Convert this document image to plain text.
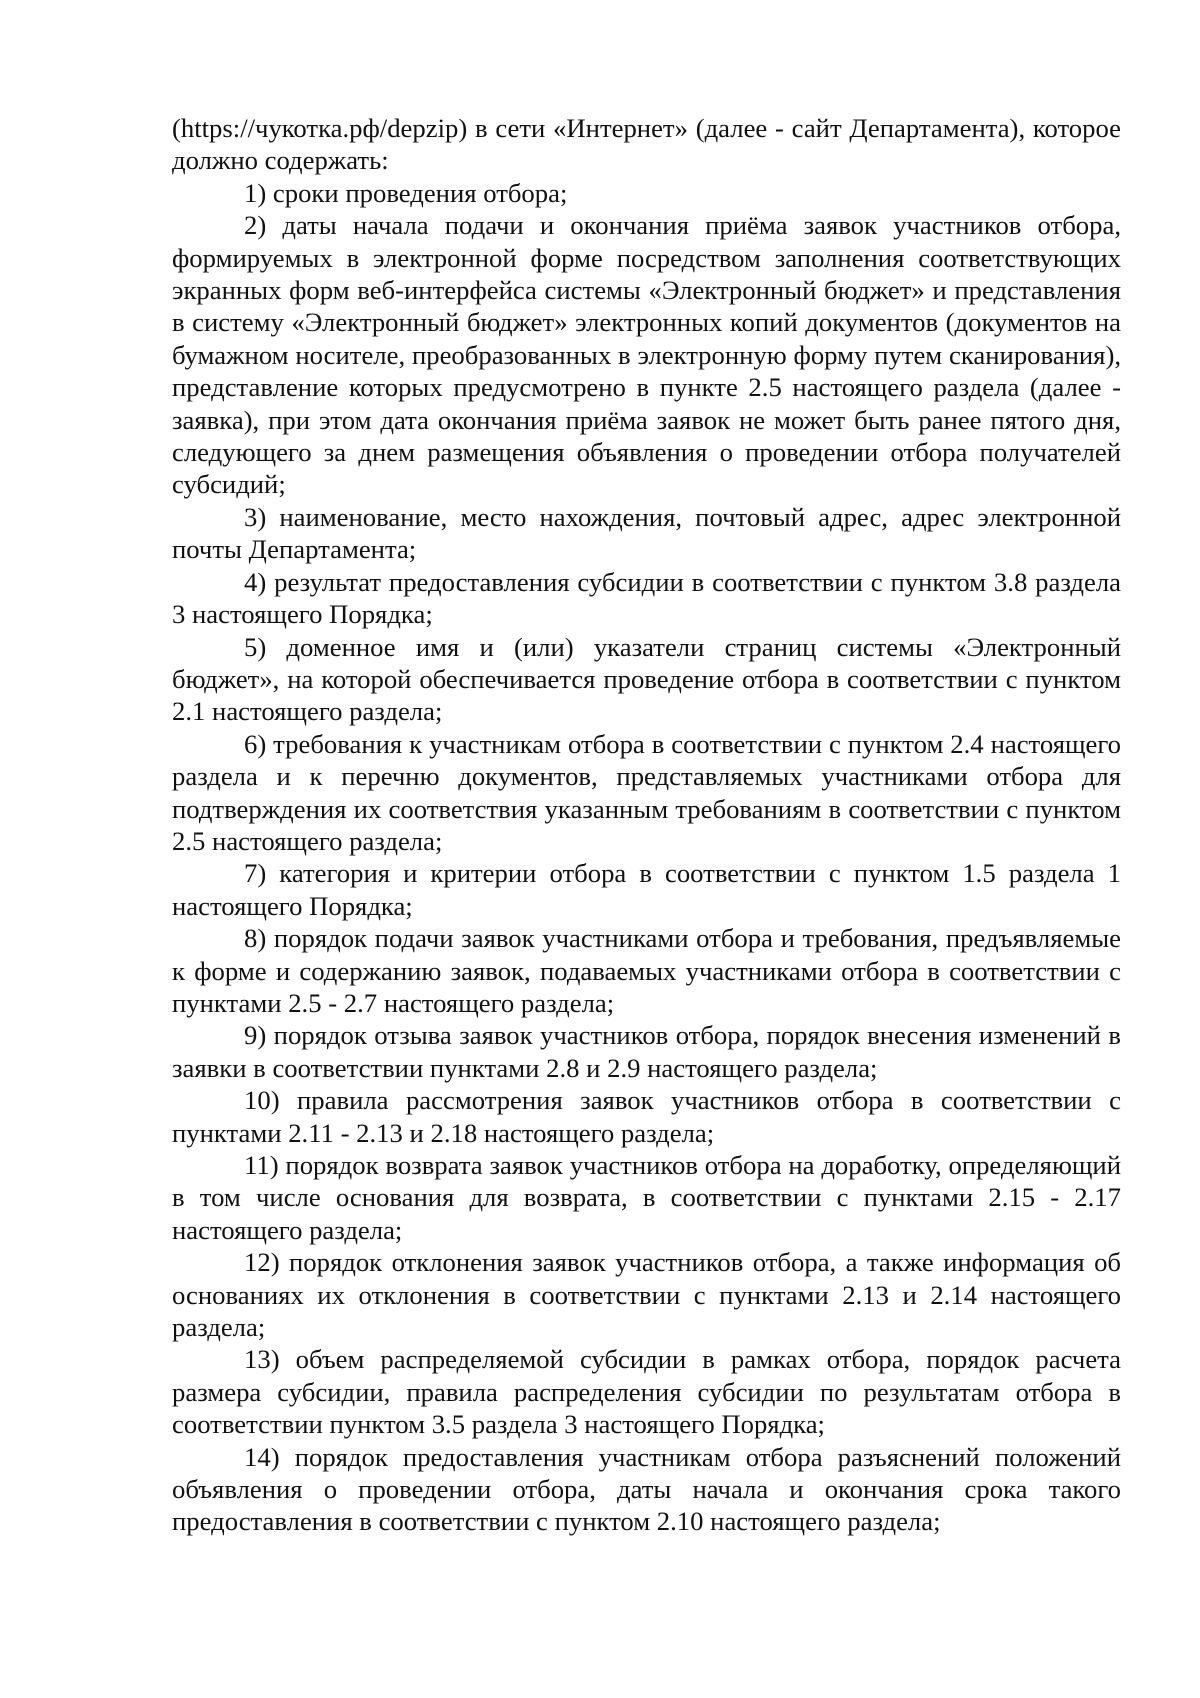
(https://чукотка.рф/depzip) в сети «Интернет» (далее - сайт Департамента), которое должно содержать:

1) сроки проведения отбора;

2) даты начала подачи и окончания приёма заявок участников отбора, формируемых в электронной форме посредством заполнения соответствующих экранных форм веб-интерфейса системы «Электронный бюджет» и представления в систему «Электронный бюджет» электронных копий документов (документов на бумажном носителе, преобразованных в электронную форму путем сканирования), представление которых предусмотрено в пункте 2.5 настоящего раздела (далее - заявка), при этом дата окончания приёма заявок не может быть ранее пятого дня, следующего за днем размещения объявления о проведении отбора получателей субсидий;

3) наименование, место нахождения, почтовый адрес, адрес электронной почты Департамента;

4) результат предоставления субсидии в соответствии с пунктом 3.8 раздела 3 настоящего Порядка;

5) доменное имя и (или) указатели страниц системы «Электронный бюджет», на которой обеспечивается проведение отбора в соответствии с пунктом 2.1 настоящего раздела;

6) требования к участникам отбора в соответствии с пунктом 2.4 настоящего раздела и к перечню документов, представляемых участниками отбора для подтверждения их соответствия указанным требованиям в соответствии с пунктом 2.5 настоящего раздела;

7) категория и критерии отбора в соответствии с пунктом 1.5 раздела 1 настоящего Порядка;

8) порядок подачи заявок участниками отбора и требования, предъявляемые к форме и содержанию заявок, подаваемых участниками отбора в соответствии с пунктами 2.5 - 2.7 настоящего раздела;

9) порядок отзыва заявок участников отбора, порядок внесения изменений в заявки в соответствии пунктами 2.8 и 2.9 настоящего раздела;

10) правила рассмотрения заявок участников отбора в соответствии с пунктами 2.11 - 2.13 и 2.18 настоящего раздела;

11) порядок возврата заявок участников отбора на доработку, определяющий в том числе основания для возврата, в соответствии с пунктами 2.15 - 2.17 настоящего раздела;

12) порядок отклонения заявок участников отбора, а также информация об основаниях их отклонения в соответствии с пунктами 2.13 и 2.14 настоящего раздела;

13) объем распределяемой субсидии в рамках отбора, порядок расчета размера субсидии, правила распределения субсидии по результатам отбора в соответствии пунктом 3.5 раздела 3 настоящего Порядка;

14) порядок предоставления участникам отбора разъяснений положений объявления о проведении отбора, даты начала и окончания срока такого предоставления в соответствии с пунктом 2.10 настоящего раздела;
